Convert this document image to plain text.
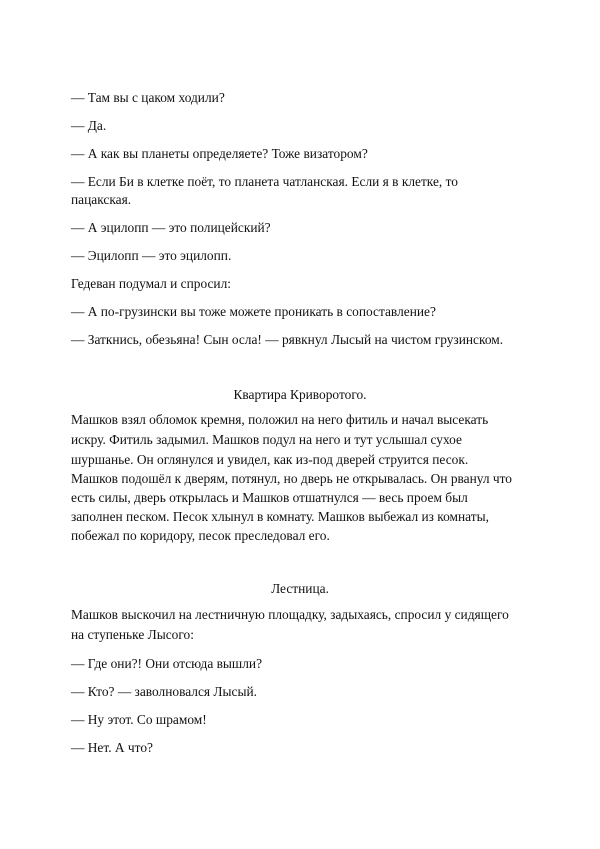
— Там вы с цаком ходили?
— Да.
— А как вы планеты определяете? Тоже визатором?
— Если Би в клетке поёт, то планета чатланская. Если я в клетке, то
пацакская.
— А эцилопп — это полицейский?
— Эцилопп — это эцилопп.
Гедеван подумал и спросил:
— А по-грузински вы тоже можете проникать в сопоставление?
— Заткнись, обезьяна! Сын осла! — рявкнул Лысый на чистом грузинском.
Квартира Криворотого.
Машков взял обломок кремня, положил на него фитиль и начал высекать
искру. Фитиль задымил. Машков подул на него и тут услышал сухое
шуршанье. Он оглянулся и увидел, как из-под дверей струится песок.
Машков подошёл к дверям, потянул, но дверь не открывалась. Он рванул что
есть силы, дверь открылась и Машков отшатнулся — весь проем был
заполнен песком. Песок хлынул в комнату. Машков выбежал из комнаты,
побежал по коридору, песок преследовал его.
Лестница.
Машков выскочил на лестничную площадку, задыхаясь, спросил у сидящего
на ступеньке Лысого:
— Где они?! Они отсюда вышли?
— Кто? — заволновался Лысый.
— Ну этот. Со шрамом!
— Нет. А что?
